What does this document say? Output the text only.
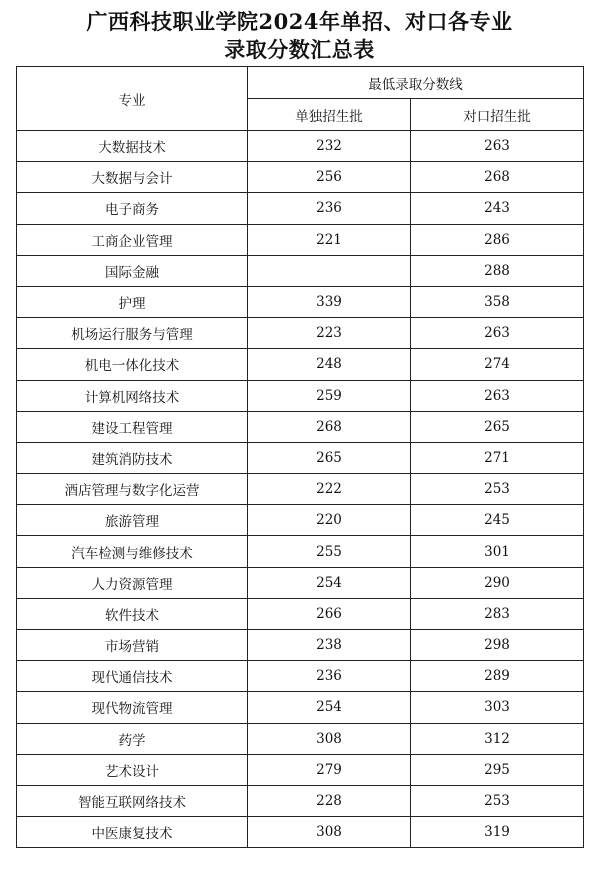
广西科技职业学院2024年单招、对口各专业
录取分数汇总表
专业	最低录取分数线	
	单独招生批	对口招生批
大数据技术	232	263
大数据与会计	256	268
电子商务	236	243
工商企业管理	221	286
国际金融		288
护理	339	358
机场运行服务与管理	223	263
机电一体化技术	248	274
计算机网络技术	259	263
建设工程管理	268	265
建筑消防技术	265	271
酒店管理与数字化运营	222	253
旅游管理	220	245
汽车检测与维修技术	255	301
人力资源管理	254	290
软件技术	266	283
市场营销	238	298
现代通信技术	236	289
现代物流管理	254	303
药学	308	312
艺术设计	279	295
智能互联网络技术	228	253
中医康复技术	308	319
